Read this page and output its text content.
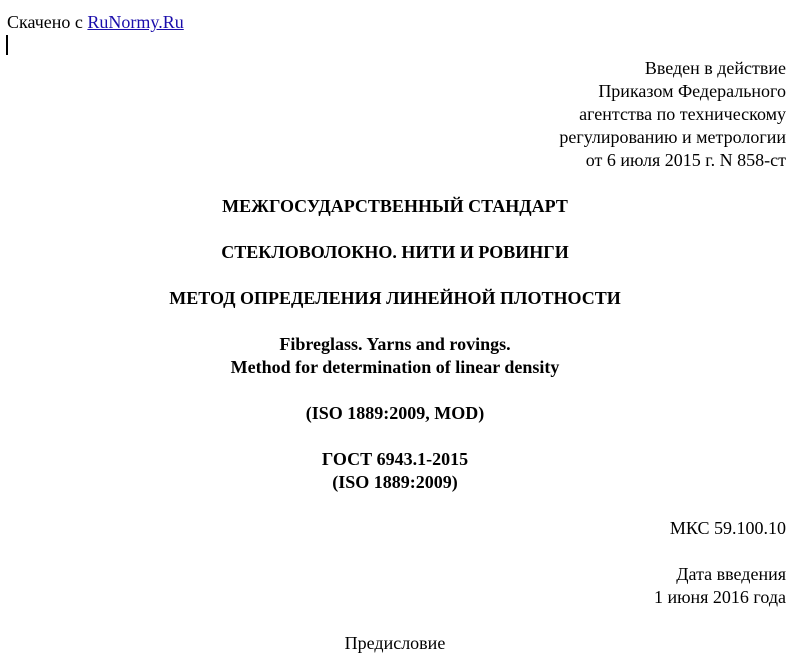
Скачено с RuNormy.Ru
Введен в действие
Приказом Федерального
агентства по техническому
регулированию и метрологии
от 6 июля 2015 г. N 858-ст
МЕЖГОСУДАРСТВЕННЫЙ СТАНДАРТ
СТЕКЛОВОЛОКНО. НИТИ И РОВИНГИ
МЕТОД ОПРЕДЕЛЕНИЯ ЛИНЕЙНОЙ ПЛОТНОСТИ
Fibreglass. Yarns and rovings.
Method for determination of linear density
(ISO 1889:2009, MOD)
ГОСТ 6943.1-2015
(ISO 1889:2009)
МКС 59.100.10
Дата введения
1 июня 2016 года
Предисловие
